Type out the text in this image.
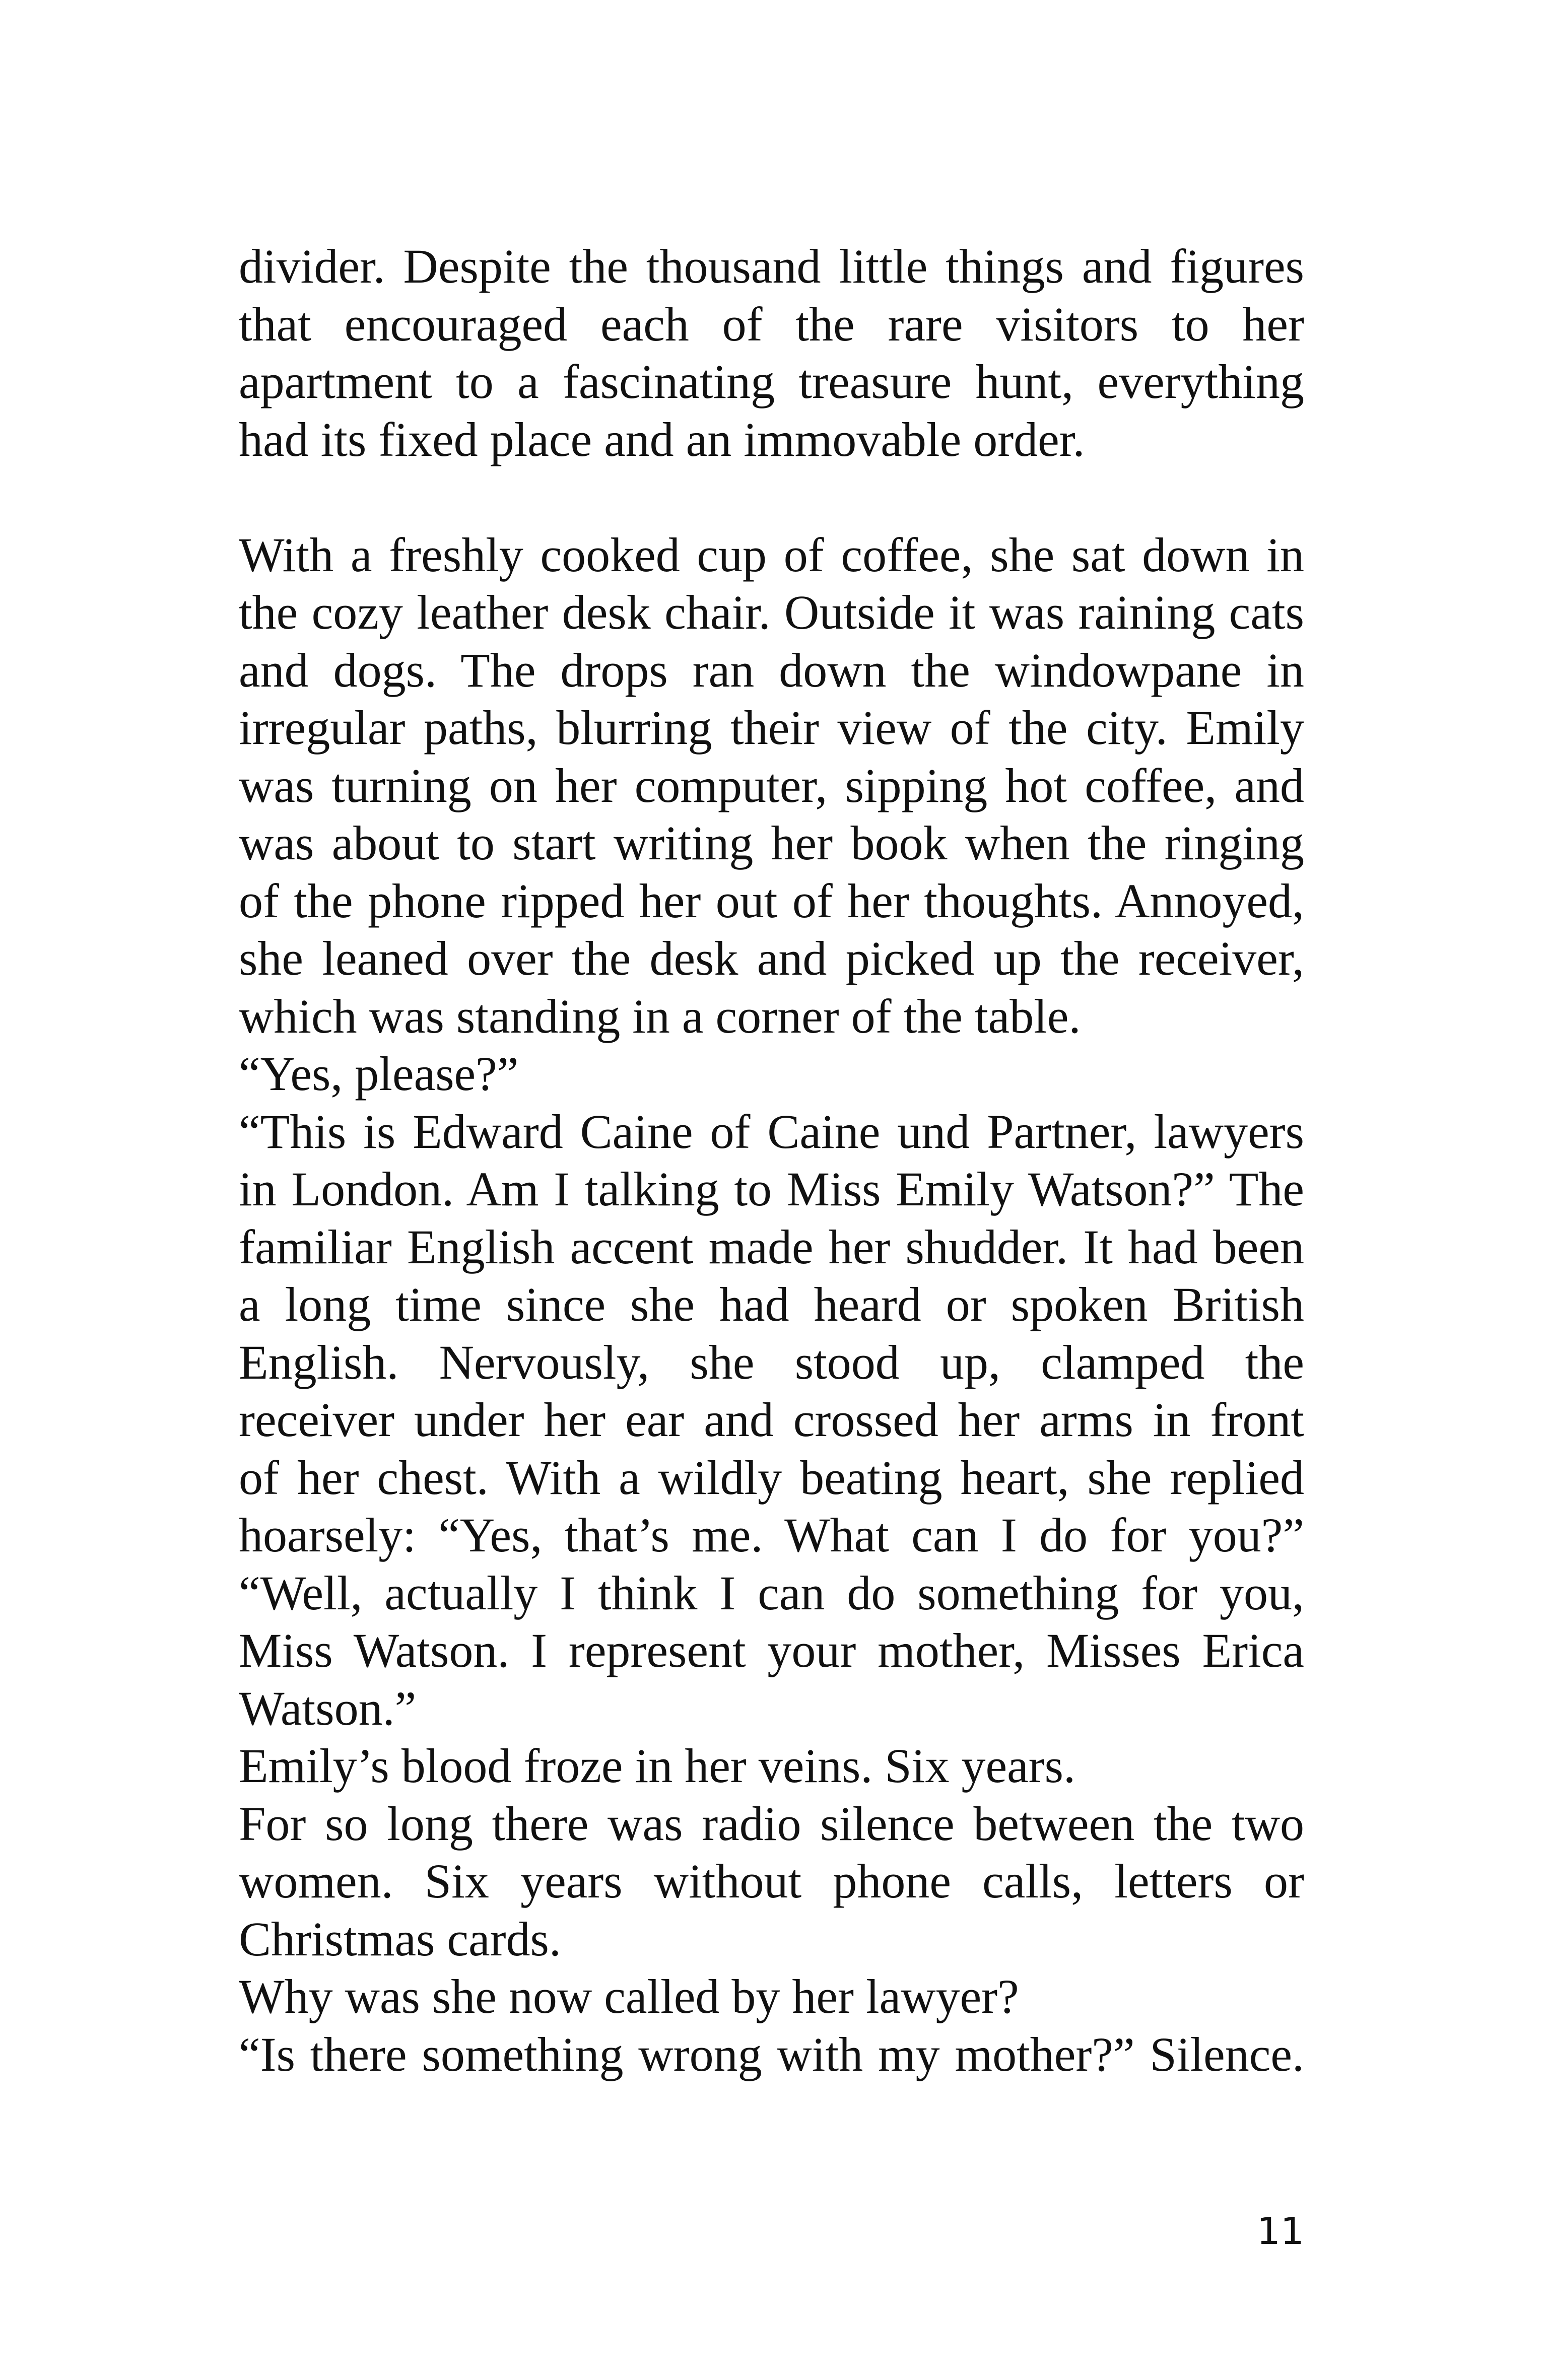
divider. Despite the thousand little things and figures
that encouraged each of the rare visitors to her
apartment to a fascinating treasure hunt, everything
had its fixed place and an immovable order.
With a freshly cooked cup of coffee, she sat down in
the cozy leather desk chair. Outside it was raining cats
and dogs. The drops ran down the windowpane in
irregular paths, blurring their view of the city. Emily
was turning on her computer, sipping hot coffee, and
was about to start writing her book when the ringing
of the phone ripped her out of her thoughts. Annoyed,
she leaned over the desk and picked up the receiver,
which was standing in a corner of the table.
“Yes, please?”
“This is Edward Caine of Caine und Partner, lawyers
in London. Am I talking to Miss Emily Watson?” The
familiar English accent made her shudder. It had been
a long time since she had heard or spoken British
English. Nervously, she stood up, clamped the
receiver under her ear and crossed her arms in front
of her chest. With a wildly beating heart, she replied
hoarsely: “Yes, that’s me. What can I do for you?”
“Well, actually I think I can do something for you,
Miss Watson. I represent your mother, Misses Erica
Watson.”
Emily’s blood froze in her veins. Six years.
For so long there was radio silence between the two
women. Six years without phone calls, letters or
Christmas cards.
Why was she now called by her lawyer?
“Is there something wrong with my mother?” Silence.
11
